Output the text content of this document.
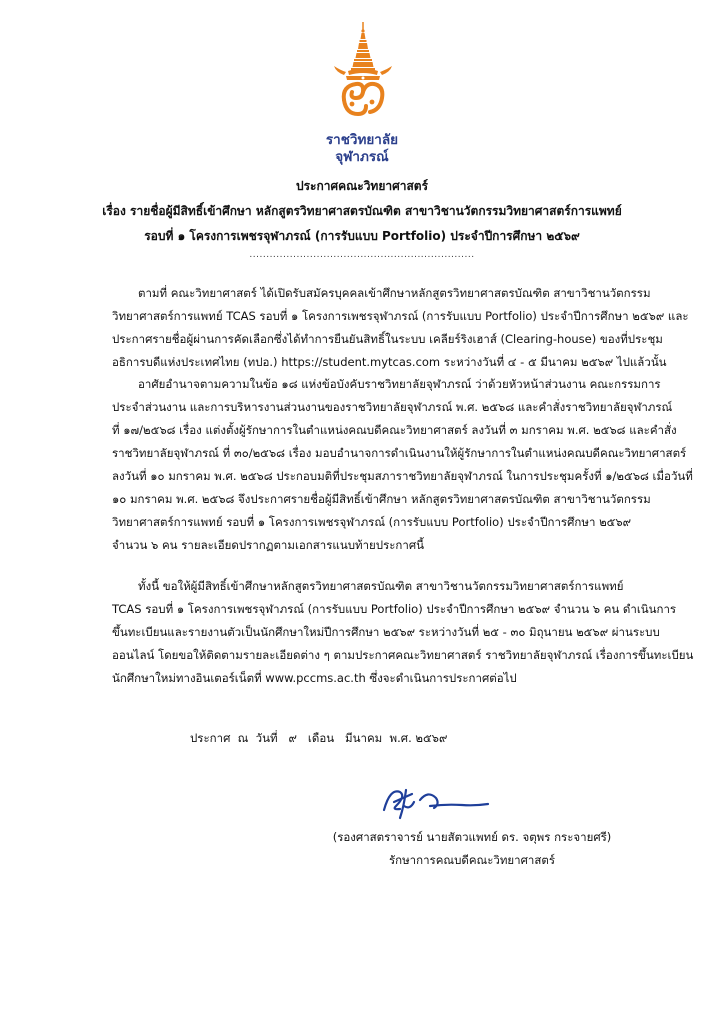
ราชวิทยาลัย
จุฬาภรณ์
ประกาศคณะวิทยาศาสตร์
เรื่อง รายชื่อผู้มีสิทธิ์เข้าศึกษา หลักสูตรวิทยาศาสตรบัณฑิต สาขาวิชานวัตกรรมวิทยาศาสตร์การแพทย์
รอบที่ ๑ โครงการเพชรจุฬาภรณ์ (การรับแบบ Portfolio) ประจำปีการศึกษา ๒๕๖๙
...................................................................
ตามที่ คณะวิทยาศาสตร์ ได้เปิดรับสมัครบุคคลเข้าศึกษาหลักสูตรวิทยาศาสตรบัณฑิต สาขาวิชานวัตกรรม
วิทยาศาสตร์การแพทย์ TCAS รอบที่ ๑ โครงการเพชรจุฬาภรณ์ (การรับแบบ Portfolio) ประจำปีการศึกษา ๒๕๖๙ และ
ประกาศรายชื่อผู้ผ่านการคัดเลือกซึ่งได้ทำการยืนยันสิทธิ์ในระบบ เคลียร์ริงเฮาส์ (Clearing-house) ของที่ประชุม
อธิการบดีแห่งประเทศไทย (ทปอ.) https://student.mytcas.com ระหว่างวันที่ ๔ - ๕ มีนาคม ๒๕๖๙ ไปแล้วนั้น
อาศัยอำนาจตามความในข้อ ๑๘ แห่งข้อบังคับราชวิทยาลัยจุฬาภรณ์ ว่าด้วยหัวหน้าส่วนงาน คณะกรรมการ
ประจำส่วนงาน และการบริหารงานส่วนงานของราชวิทยาลัยจุฬาภรณ์ พ.ศ. ๒๕๖๘ และคำสั่งราชวิทยาลัยจุฬาภรณ์
ที่ ๑๗/๒๕๖๘ เรื่อง แต่งตั้งผู้รักษาการในตำแหน่งคณบดีคณะวิทยาศาสตร์ ลงวันที่ ๓ มกราคม พ.ศ. ๒๕๖๘ และคำสั่ง
ราชวิทยาลัยจุฬาภรณ์ ที่ ๓๐/๒๕๖๘ เรื่อง มอบอำนาจการดำเนินงานให้ผู้รักษาการในตำแหน่งคณบดีคณะวิทยาศาสตร์
ลงวันที่ ๑๐ มกราคม พ.ศ. ๒๕๖๘ ประกอบมติที่ประชุมสภาราชวิทยาลัยจุฬาภรณ์ ในการประชุมครั้งที่ ๑/๒๕๖๘ เมื่อวันที่
๑๐ มกราคม พ.ศ. ๒๕๖๘ จึงประกาศรายชื่อผู้มีสิทธิ์เข้าศึกษา หลักสูตรวิทยาศาสตรบัณฑิต สาขาวิชานวัตกรรม
วิทยาศาสตร์การแพทย์ รอบที่ ๑ โครงการเพชรจุฬาภรณ์ (การรับแบบ Portfolio) ประจำปีการศึกษา ๒๕๖๙
จำนวน ๖ คน รายละเอียดปรากฏตามเอกสารแนบท้ายประกาศนี้
ทั้งนี้ ขอให้ผู้มีสิทธิ์เข้าศึกษาหลักสูตรวิทยาศาสตรบัณฑิต สาขาวิชานวัตกรรมวิทยาศาสตร์การแพทย์
TCAS รอบที่ ๑ โครงการเพชรจุฬาภรณ์ (การรับแบบ Portfolio) ประจำปีการศึกษา ๒๕๖๙ จำนวน ๖ คน ดำเนินการ
ขึ้นทะเบียนและรายงานตัวเป็นนักศึกษาใหม่ปีการศึกษา ๒๕๖๙ ระหว่างวันที่ ๒๕ - ๓๐ มิถุนายน ๒๕๖๙ ผ่านระบบ
ออนไลน์ โดยขอให้ติดตามรายละเอียดต่าง ๆ ตามประกาศคณะวิทยาศาสตร์ ราชวิทยาลัยจุฬาภรณ์ เรื่องการขึ้นทะเบียน
นักศึกษาใหม่ทางอินเตอร์เน็ตที่ www.pccms.ac.th ซึ่งจะดำเนินการประกาศต่อไป
ประกาศ  ณ  วันที่   ๙   เดือน   มีนาคม  พ.ศ. ๒๕๖๙
(รองศาสตราจารย์ นายสัตวแพทย์ ดร. จตุพร กระจายศรี)
รักษาการคณบดีคณะวิทยาศาสตร์
